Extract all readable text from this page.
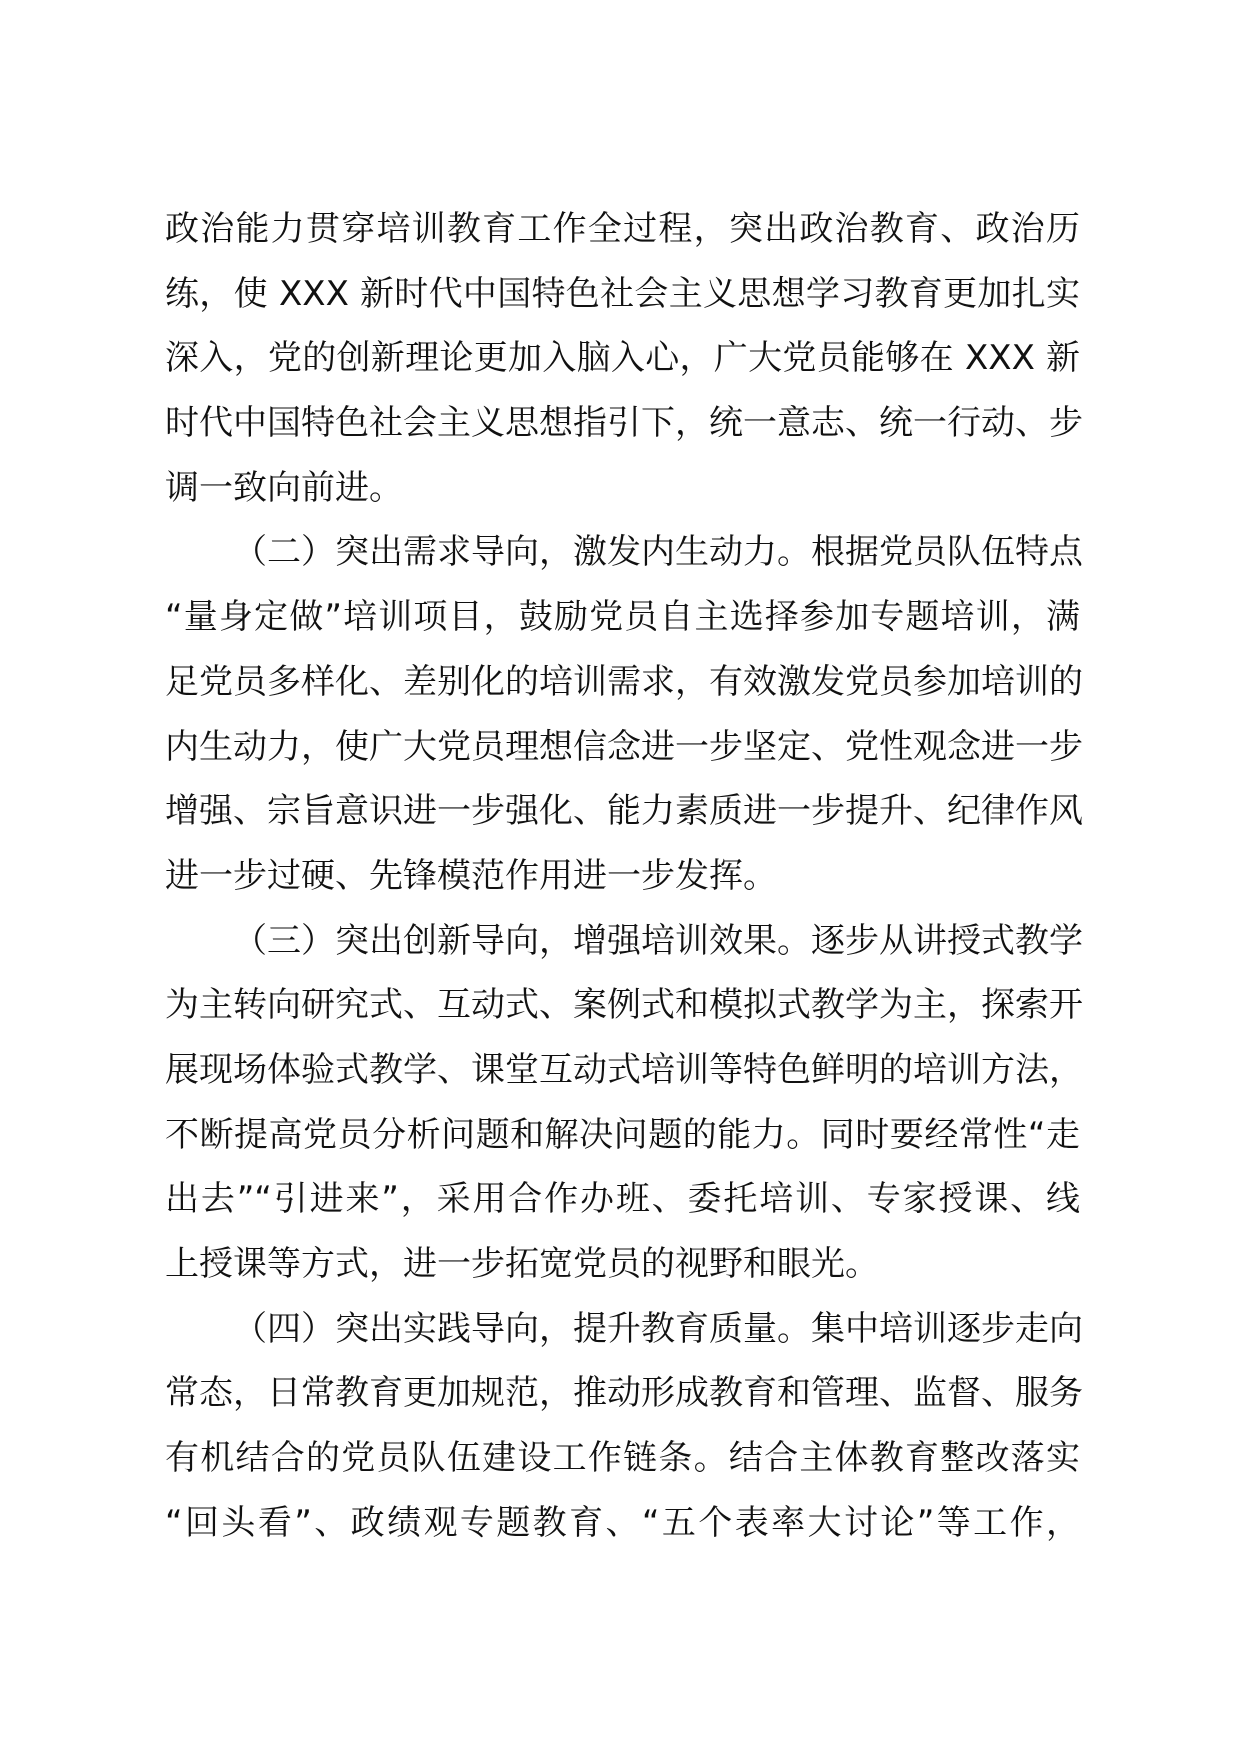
政治能力贯穿培训教育工作全过程，突出政治教育、政治历
练，使 XXX 新时代中国特色社会主义思想学习教育更加扎实
深入，党的创新理论更加入脑入心，广大党员能够在 XXX 新
时代中国特色社会主义思想指引下，统一意志、统一行动、步
调一致向前进。
（二）突出需求导向，激发内生动力。根据党员队伍特点
“量身定做”培训项目，鼓励党员自主选择参加专题培训，满
足党员多样化、差别化的培训需求，有效激发党员参加培训的
内生动力，使广大党员理想信念进一步坚定、党性观念进一步
增强、宗旨意识进一步强化、能力素质进一步提升、纪律作风
进一步过硬、先锋模范作用进一步发挥。
（三）突出创新导向，增强培训效果。逐步从讲授式教学
为主转向研究式、互动式、案例式和模拟式教学为主，探索开
展现场体验式教学、课堂互动式培训等特色鲜明的培训方法，
不断提高党员分析问题和解决问题的能力。同时要经常性“走
出去”“引进来”，采用合作办班、委托培训、专家授课、线
上授课等方式，进一步拓宽党员的视野和眼光。
（四）突出实践导向，提升教育质量。集中培训逐步走向
常态，日常教育更加规范，推动形成教育和管理、监督、服务
有机结合的党员队伍建设工作链条。结合主体教育整改落实
“回头看”、政绩观专题教育、“五个表率大讨论”等工作，
